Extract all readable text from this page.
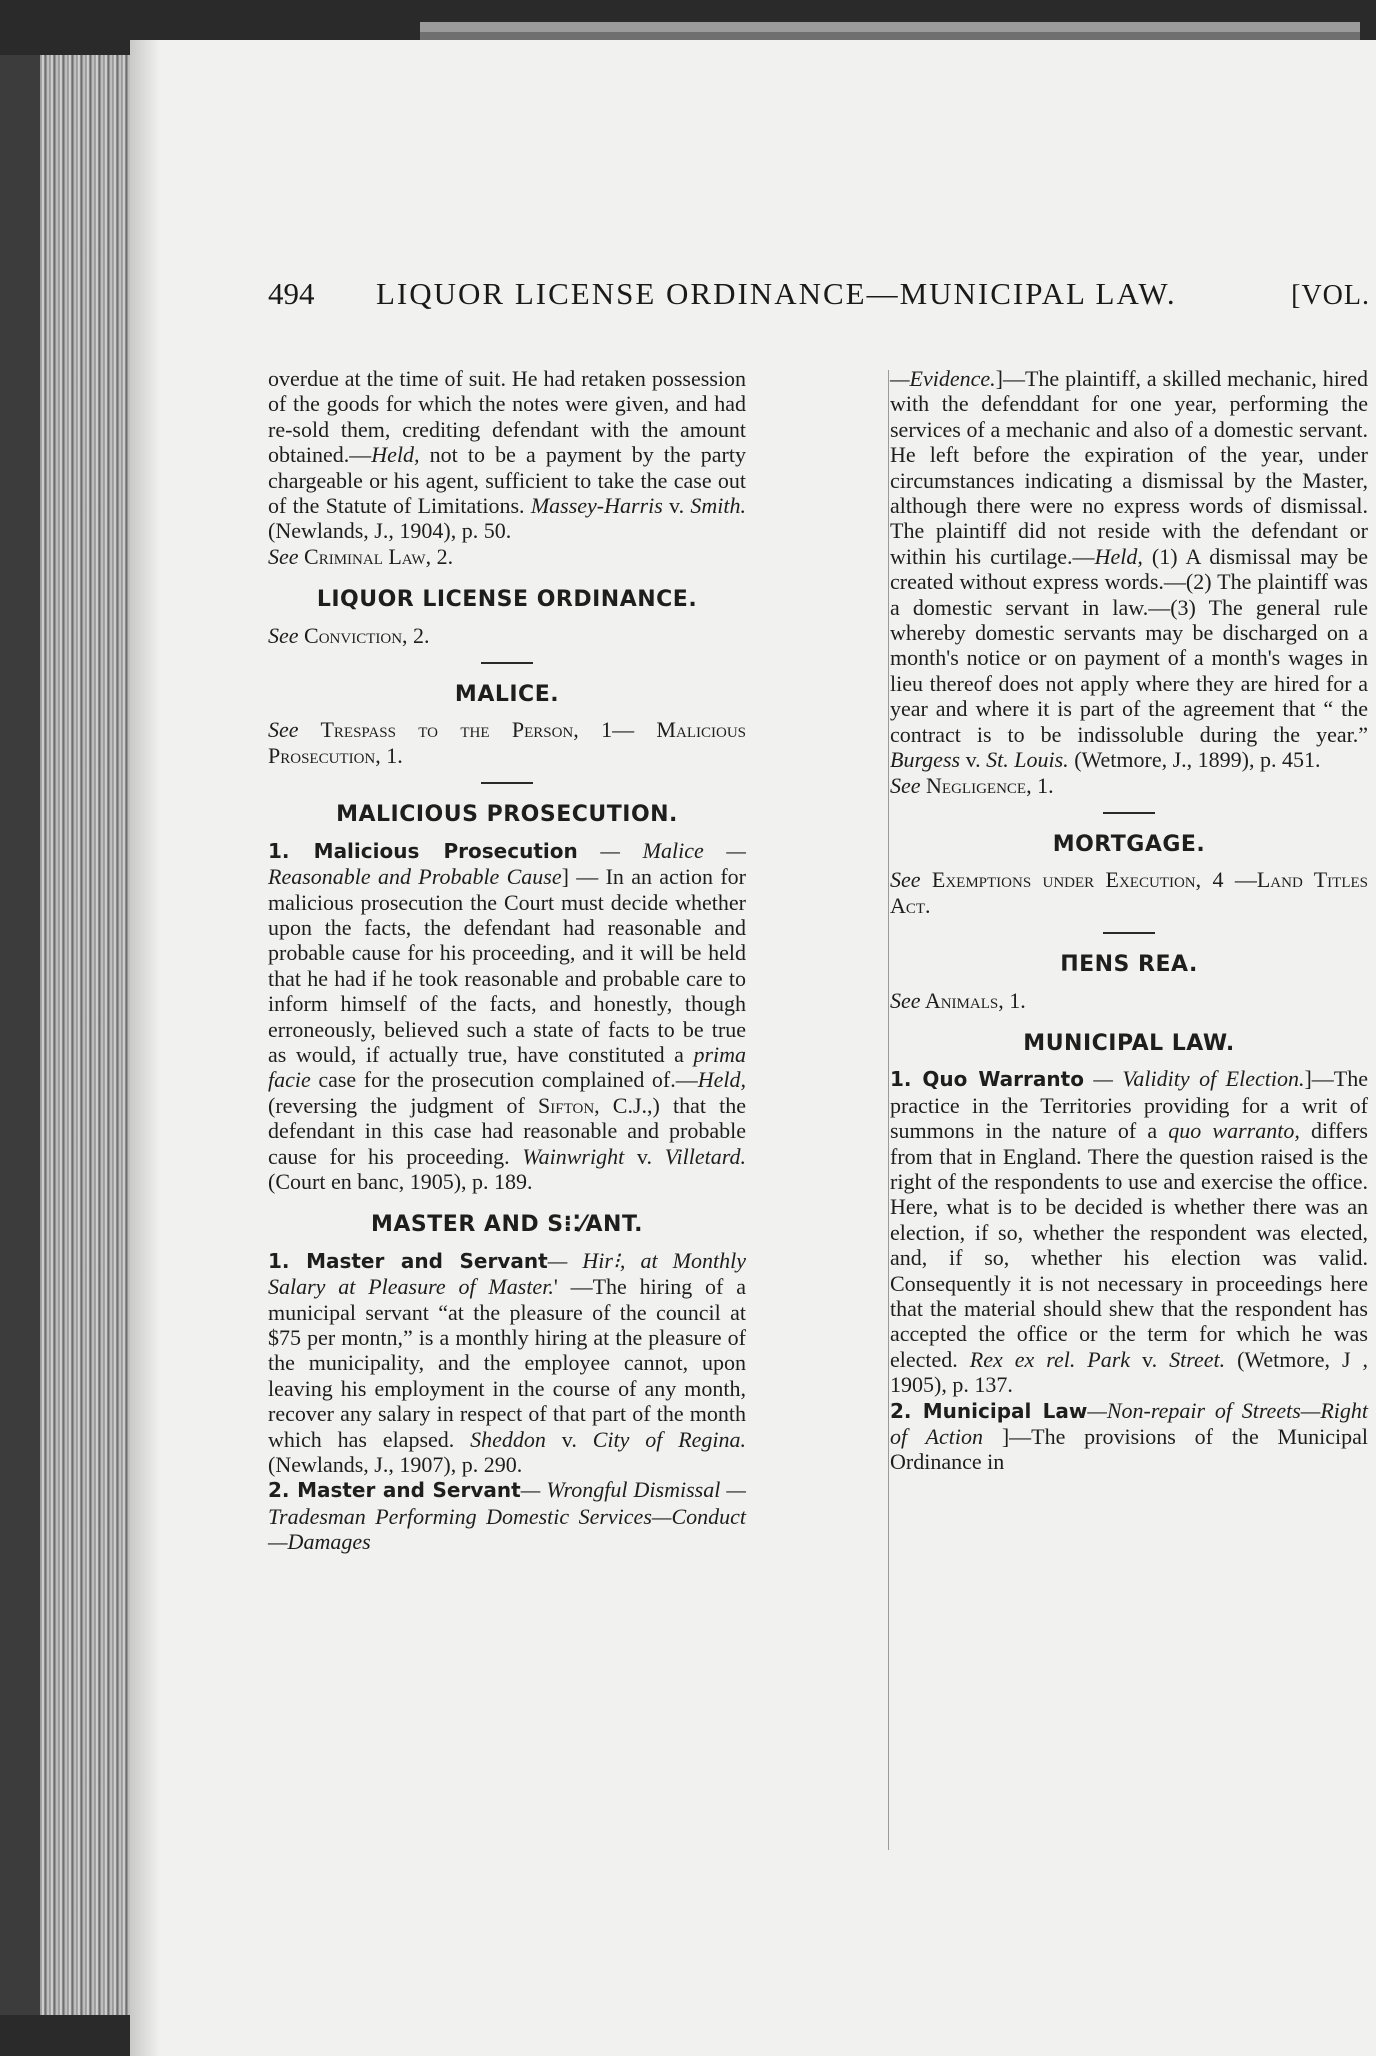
494 LIQUOR LICENSE ORDINANCE—MUNICIPAL LAW.	[VOL.

overdue at the time of suit. He had retaken possession of the goods for which the notes were given, and had re-sold them, crediting defendant with the amount obtained.—Held, not to be a payment by the party chargeable or his agent, sufficient to take the case out of the Statute of Limitations. Massey-Harris v. Smith. (Newlands, J., 1904), p. 50.

See Criminal Law, 2.

LIQUOR LICENSE ORDINANCE.

See Conviction, 2.

MALICE.

See Trespass to the Person, 1— Malicious Prosecution, 1.

MALICIOUS PROSECUTION.

1. Malicious Prosecution — Malice —Reasonable and Probable Cause] — In an action for malicious prosecution the Court must decide whether upon the facts, the defendant had reasonable and probable cause for his proceeding, and it will be held that he had if he took reasonable and probable care to inform himself of the facts, and honestly, though erroneously, believed such a state of facts to be true as would, if actually true, have constituted a prima facie case for the prosecution complained of.—Held, (reversing the judgment of Sifton, C.J.,) that the defendant in this case had reasonable and probable cause for his proceeding. Wainwright v. Villetard. (Court en banc, 1905), p. 189.

MASTER AND S⁝⁚⁄ANT.

1. Master and Servant— Hir⁝, at Monthly Salary at Pleasure of Master.' —The hiring of a municipal servant “at the pleasure of the council at $75 per montn,” is a monthly hiring at the pleasure of the municipality, and the employee cannot, upon leaving his employment in the course of any month, recover any salary in respect of that part of the month which has elapsed. Sheddon v. City of Regina. (Newlands, J., 1907), p. 290.

2. Master and Servant— Wrongful Dismissal — Tradesman Performing Domestic Services—Conduct—Damages

—Evidence.]—The plaintiff, a skilled mechanic, hired with the defenddant for one year, performing the services of a mechanic and also of a domestic servant. He left before the expiration of the year, under circumstances indicating a dismissal by the Master, although there were no express words of dismissal. The plaintiff did not reside with the defendant or within his curtilage.—Held, (1) A dismissal may be created without express words.—(2) The plaintiff was a domestic servant in law.—(3) The general rule whereby domestic servants may be discharged on a month's notice or on payment of a month's wages in lieu thereof does not apply where they are hired for a year and where it is part of the agreement that “ the contract is to be indissoluble during the year.” Burgess v. St. Louis. (Wetmore, J., 1899), p. 451.

See Negligence, 1.

MORTGAGE.

See Exemptions under Execution, 4 —Land Titles Act.

ΠENS REA.

See Animals, 1.

MUNICIPAL LAW.

1. Quo Warranto — Validity of Election.]—The practice in the Territories providing for a writ of summons in the nature of a quo warranto, differs from that in England. There the question raised is the right of the respondents to use and exercise the office. Here, what is to be decided is whether there was an election, if so, whether the respondent was elected, and, if so, whether his election was valid. Consequently it is not necessary in proceedings here that the material should shew that the respondent has accepted the office or the term for which he was elected. Rex ex rel. Park v. Street. (Wetmore, J , 1905), p. 137.

2. Municipal Law—Non-repair of Streets—Right of Action ]—The provisions of the Municipal Ordinance in
